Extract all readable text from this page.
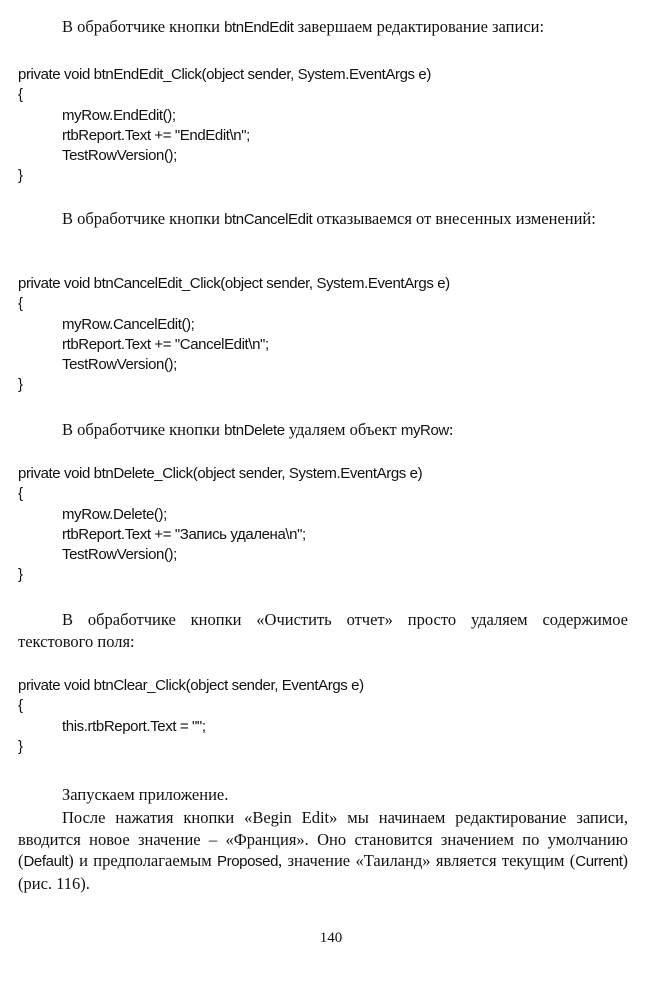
В обработчике кнопки btnEndEdit завершаем редактирование записи:

private void btnEndEdit_Click(object sender, System.EventArgs e)
{
myRow.EndEdit();
rtbReport.Text += "EndEdit\n";
TestRowVersion();
}

В обработчике кнопки btnCancelEdit отказываемся от внесенных изменений:

private void btnCancelEdit_Click(object sender, System.EventArgs e)
{
myRow.CancelEdit();
rtbReport.Text += "CancelEdit\n";
TestRowVersion();
}

В обработчике кнопки btnDelete удаляем объект myRow:

private void btnDelete_Click(object sender, System.EventArgs e)
{
myRow.Delete();
rtbReport.Text += "Запись удалена\n";
TestRowVersion();
}

В обработчике кнопки «Очистить отчет» просто удаляем содержимое текстового поля:

private void btnClear_Click(object sender, EventArgs e)
{
this.rtbReport.Text = "";
}

Запускаем приложение.

После нажатия кнопки «Begin Edit» мы начинаем редактирование записи, вводится новое значение – «Франция». Оно становится значением по умолчанию (Default) и предполагаемым Proposed, значение «Таиланд» является текущим (Current) (рис. 116).

140
